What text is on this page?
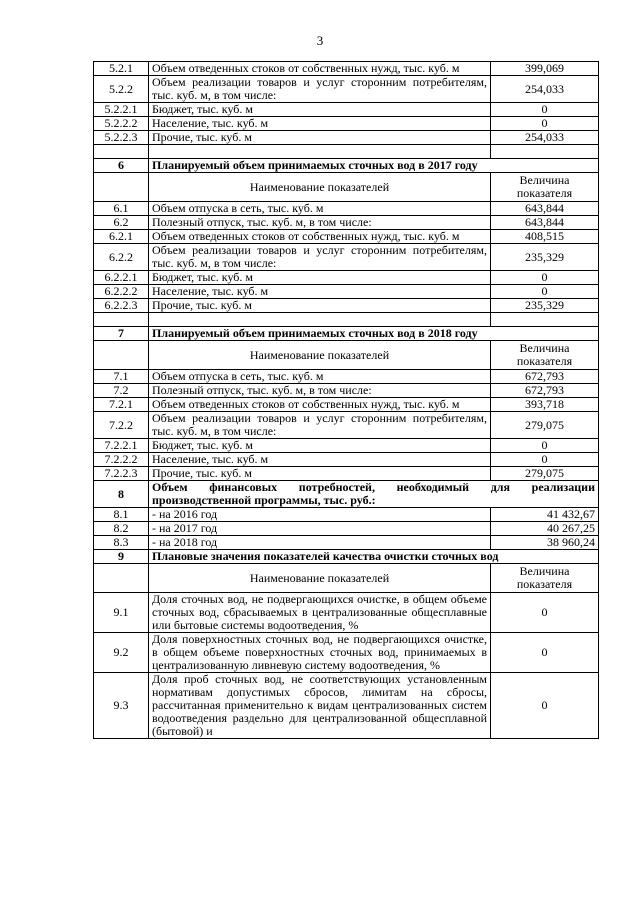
3
5.2.1	Объем отведенных стоков от собственных нужд, тыс. куб. м	399,069
5.2.2	Объем реализации товаров и услуг сторонним потребителям, тыс. куб. м, в том числе:	254,033
5.2.2.1	Бюджет, тыс. куб. м	0
5.2.2.2	Население, тыс. куб. м	0
5.2.2.3	Прочие, тыс. куб. м	254,033

6	Планируемый объем принимаемых сточных вод в 2017 году	
	Наименование показателей	Величина показателя
6.1	Объем отпуска в сеть, тыс. куб. м	643,844
6.2	Полезный отпуск, тыс. куб. м, в том числе:	643,844
6.2.1	Объем отведенных стоков от собственных нужд, тыс. куб. м	408,515
6.2.2	Объем реализации товаров и услуг сторонним потребителям, тыс. куб. м, в том числе:	235,329
6.2.2.1	Бюджет, тыс. куб. м	0
6.2.2.2	Население, тыс. куб. м	0
6.2.2.3	Прочие, тыс. куб. м	235,329

7	Планируемый объем принимаемых сточных вод в 2018 году	
	Наименование показателей	Величина показателя
7.1	Объем отпуска в сеть, тыс. куб. м	672,793
7.2	Полезный отпуск, тыс. куб. м, в том числе:	672,793
7.2.1	Объем отведенных стоков от собственных нужд, тыс. куб. м	393,718
7.2.2	Объем реализации товаров и услуг сторонним потребителям, тыс. куб. м, в том числе:	279,075
7.2.2.1	Бюджет, тыс. куб. м	0
7.2.2.2	Население, тыс. куб. м	0
7.2.2.3	Прочие, тыс. куб. м	279,075
8	Объем финансовых потребностей, необходимый для реализации производственной программы, тыс. руб.:	
8.1	- на 2016 год	41 432,67
8.2	- на 2017 год	40 267,25
8.3	- на 2018 год	38 960,24
9	Плановые значения показателей качества очистки сточных вод	
	Наименование показателей	Величина показателя
9.1	Доля сточных вод, не подвергающихся очистке, в общем объеме сточных вод, сбрасываемых в централизованные общесплавные или бытовые системы водоотведения, %	0
9.2	Доля поверхностных сточных вод, не подвергающихся очистке, в общем объеме поверхностных сточных вод, принимаемых в централизованную ливневую систему водоотведения, %	0
9.3	Доля проб сточных вод, не соответствующих установленным нормативам допустимых сбросов, лимитам на сбросы, рассчитанная применительно к видам централизованных систем водоотведения раздельно для централизованной общесплавной (бытовой) и	0
